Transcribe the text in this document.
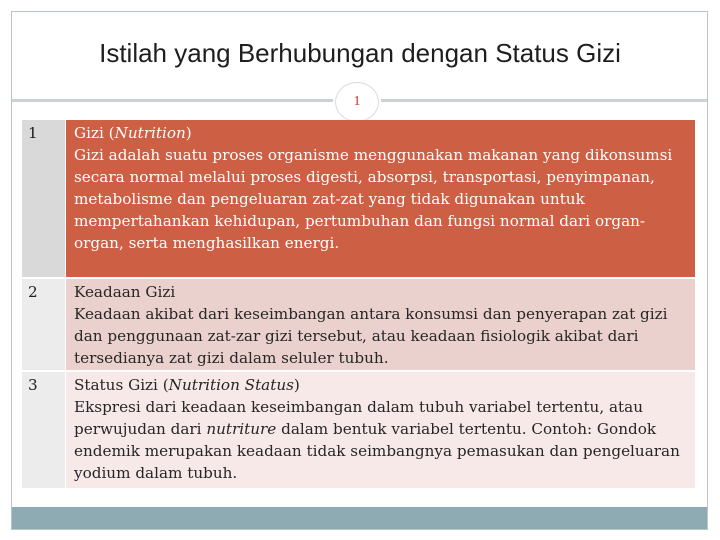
Istilah yang Berhubungan dengan Status Gizi
1
1	Gizi (Nutrition)
Gizi adalah suatu proses organisme menggunakan makanan yang dikonsumsi secara normal melalui proses digesti, absorpsi, transportasi, penyimpanan, metabolisme dan pengeluaran zat-zat yang tidak digunakan untuk mempertahankan kehidupan, pertumbuhan dan fungsi normal dari organ-organ, serta menghasilkan energi.
2	Keadaan Gizi
Keadaan akibat dari keseimbangan antara konsumsi dan penyerapan zat gizi dan penggunaan zat-zar gizi tersebut, atau keadaan fisiologik akibat dari tersedianya zat gizi dalam seluler tubuh.
3	Status Gizi (Nutrition Status)
Ekspresi dari keadaan keseimbangan dalam tubuh variabel tertentu, atau perwujudan dari nutriture dalam bentuk variabel tertentu. Contoh: Gondok endemik merupakan keadaan tidak seimbangnya pemasukan dan pengeluaran yodium dalam tubuh.
